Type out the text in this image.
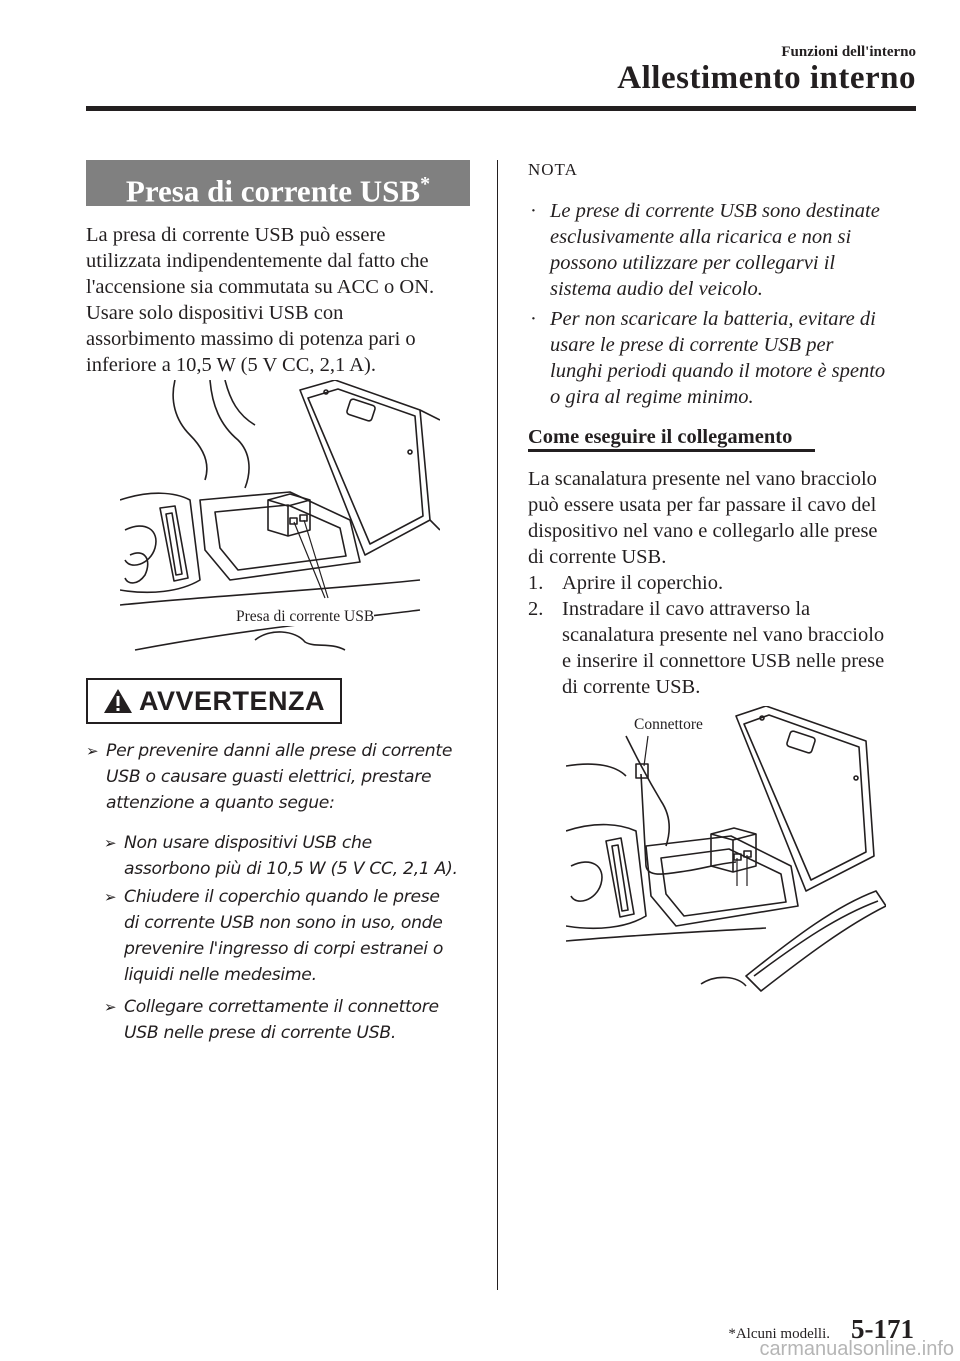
Funzioni dell'interno
Allestimento interno
Presa di corrente USB*
La presa di corrente USB può essere
utilizzata indipendentemente dal fatto che
l'accensione sia commutata su ACC o ON.
Usare solo dispositivi USB con
assorbimento massimo di potenza pari o
inferiore a 10,5 W (5 V CC, 2,1 A).
Presa di corrente USB
AVVERTENZA
➢ Per prevenire danni alle prese di corrente
USB o causare guasti elettrici, prestare
attenzione a quanto segue:
➢ Non usare dispositivi USB che
assorbono più di 10,5 W (5 V CC, 2,1 A).
➢ Chiudere il coperchio quando le prese
di corrente USB non sono in uso, onde
prevenire l'ingresso di corpi estranei o
liquidi nelle medesime.
➢ Collegare correttamente il connettore
USB nelle prese di corrente USB.
NOTA
· Le prese di corrente USB sono destinate
esclusivamente alla ricarica e non si
possono utilizzare per collegarvi il
sistema audio del veicolo.
· Per non scaricare la batteria, evitare di
usare le prese di corrente USB per
lunghi periodi quando il motore è spento
o gira al regime minimo.
Come eseguire il collegamento
La scanalatura presente nel vano bracciolo
può essere usata per far passare il cavo del
dispositivo nel vano e collegarlo alle prese
di corrente USB.
1. Aprire il coperchio.
2. Instradare il cavo attraverso la
scanalatura presente nel vano bracciolo
e inserire il connettore USB nelle prese
di corrente USB.
Connettore
*Alcuni modelli. 5-171
carmanualsonline.info
